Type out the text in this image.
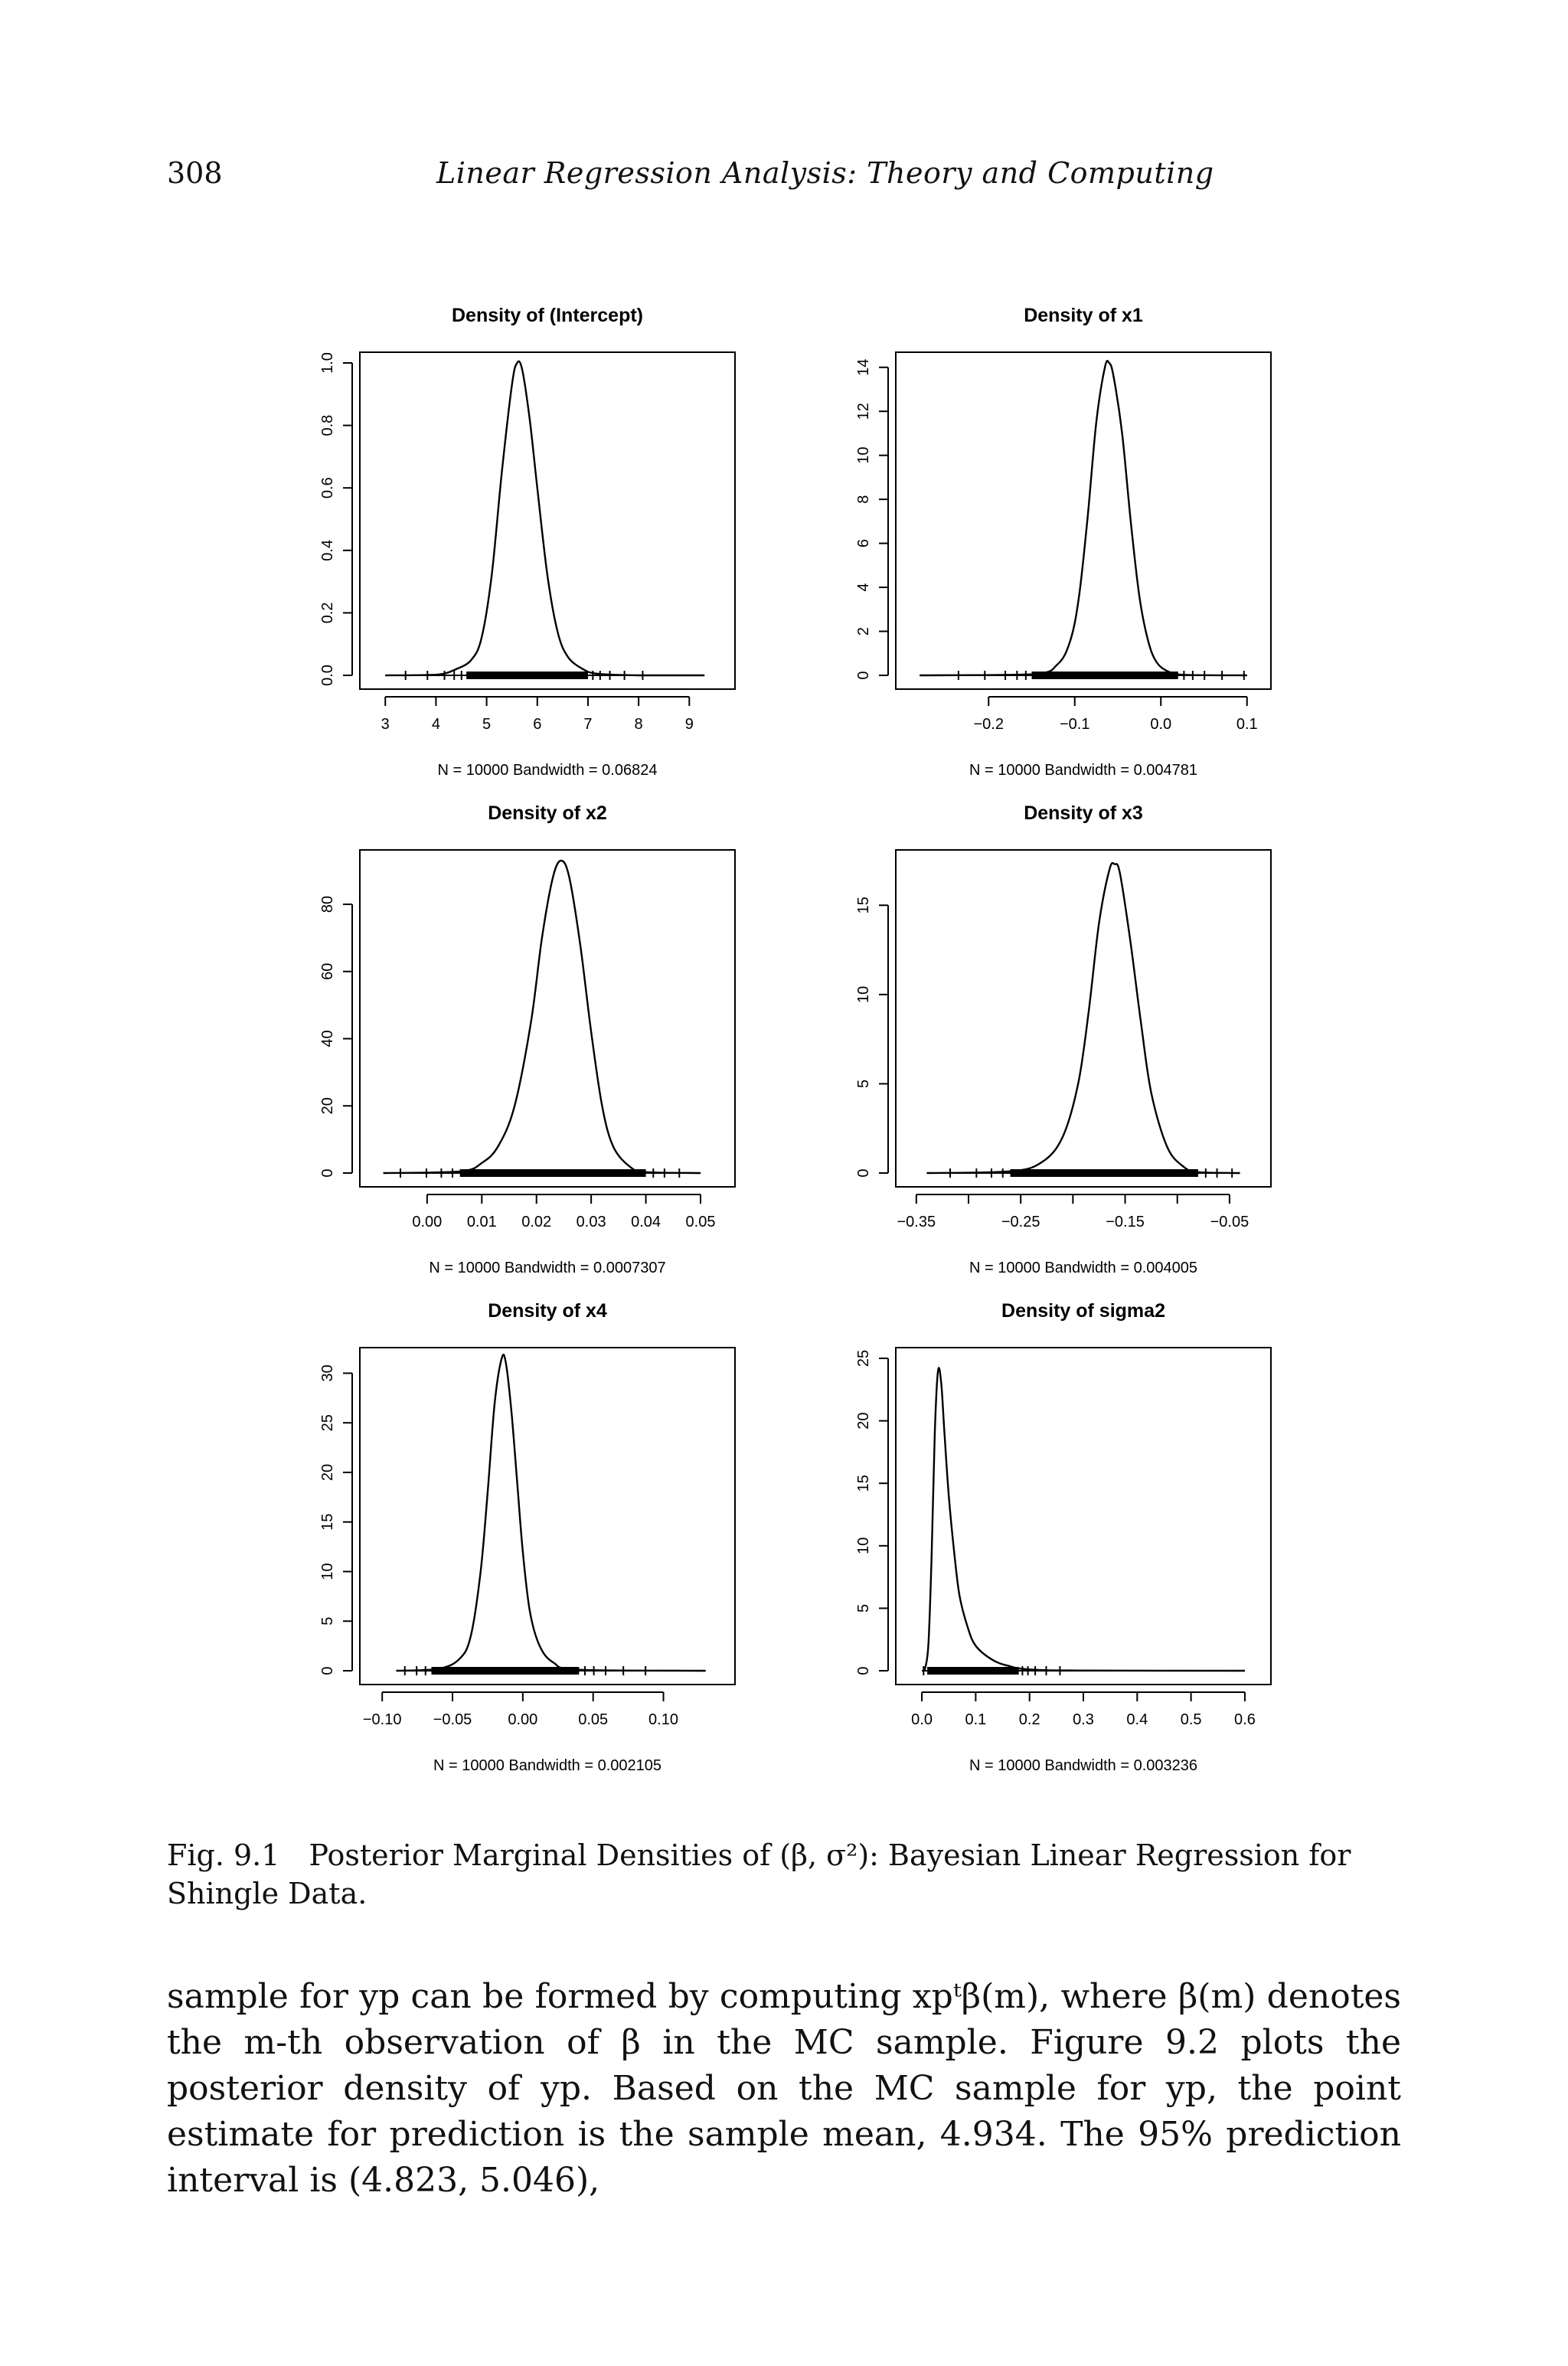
308	Linear Regression Analysis: Theory and Computing
Density of (Intercept)
3	4	5	6	7	8	9
0.0
0.2
0.4
0.6
0.8
1.0
N = 10000 Bandwidth = 0.06824
Density of x1
−0.2	−0.1	0.0	0.1
0
2
4
6
8
10
12
14
N = 10000 Bandwidth = 0.004781
Density of x2
0.00 0.01 0.02 0.03 0.04 0.05
0
20
40
60
80
N = 10000 Bandwidth = 0.0007307
Density of x3
−0.35	−0.25	−0.15	−0.05
0
5
10
15
N = 10000 Bandwidth = 0.004005
Density of x4
−0.10 −0.05 0.00	0.05	0.10
0
5
10
15
20
25
30
N = 10000 Bandwidth = 0.002105
Density of sigma2
0.0 0.1 0.2 0.3 0.4 0.5 0.6
0
5
10
15
20
25
N = 10000 Bandwidth = 0.003236
Fig. 9.1 Posterior Marginal Densities of (β, σ²): Bayesian Linear Regression for Shingle Data.
sample for yp can be formed by computing xpᵗβ(m), where β(m) denotes the m-th observation of β in the MC sample. Figure 9.2 plots the posterior density of yp. Based on the MC sample for yp, the point estimate for prediction is the sample mean, 4.934. The 95% prediction interval is (4.823, 5.046),
